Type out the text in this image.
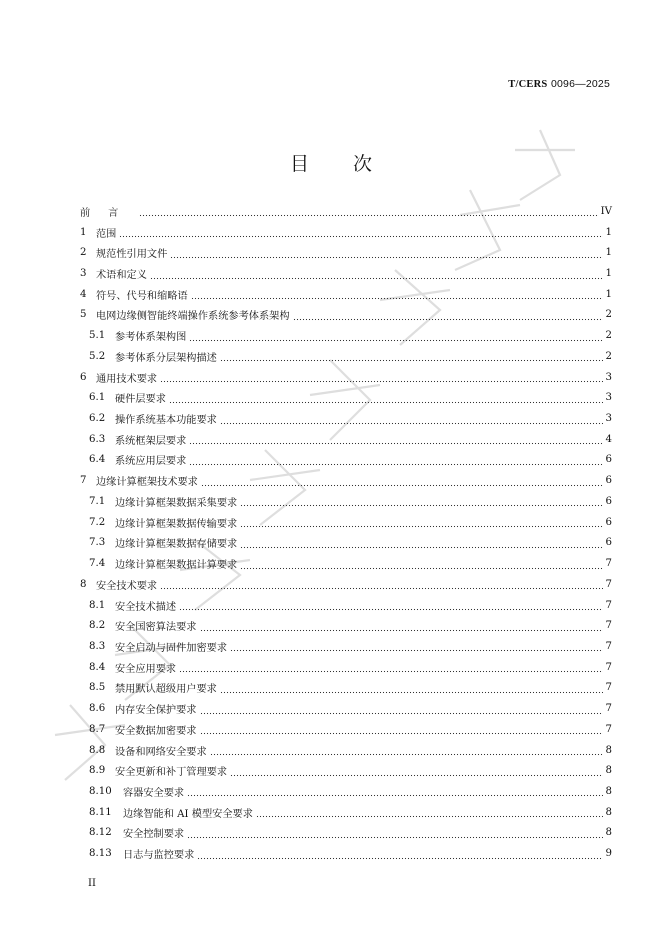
T/CERS 0096—2025
目次
前言	IV
1 范围	1
2 规范性引用文件	1
3 术语和定义	1
4 符号、代号和缩略语	1
5 电网边缘侧智能终端操作系统参考体系架构	2
5.1 参考体系架构图	2
5.2 参考体系分层架构描述	2
6 通用技术要求	3
6.1 硬件层要求	3
6.2 操作系统基本功能要求	3
6.3 系统框架层要求	4
6.4 系统应用层要求	6
7 边缘计算框架技术要求	6
7.1 边缘计算框架数据采集要求	6
7.2 边缘计算框架数据传输要求	6
7.3 边缘计算框架数据存储要求	6
7.4 边缘计算框架数据计算要求	7
8 安全技术要求	7
8.1 安全技术描述	7
8.2 安全国密算法要求	7
8.3 安全启动与固件加密要求	7
8.4 安全应用要求	7
8.5 禁用默认超级用户要求	7
8.6 内存安全保护要求	7
8.7 安全数据加密要求	7
8.8 设备和网络安全要求	8
8.9 安全更新和补丁管理要求	8
8.10	容器安全要求	8
8.11	边缘智能和 AI 模型安全要求	8
8.12	安全控制要求	8
8.13	日志与监控要求	9
II
